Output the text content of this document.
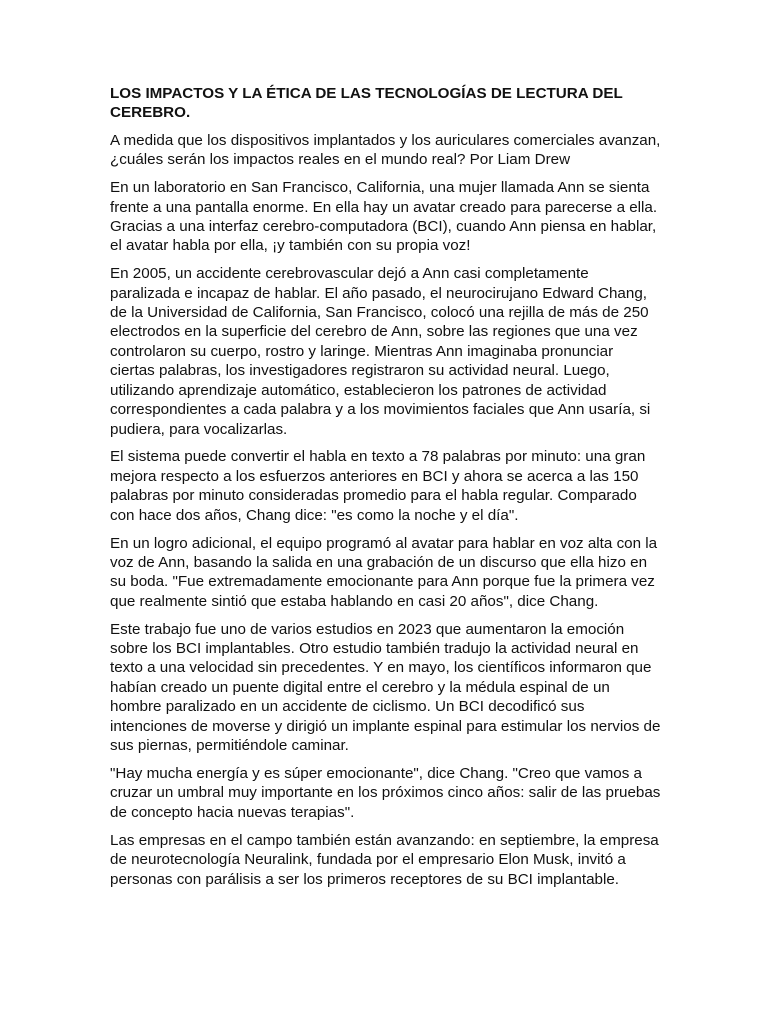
LOS IMPACTOS Y LA ÉTICA DE LAS TECNOLOGÍAS DE LECTURA DEL CEREBRO.

A medida que los dispositivos implantados y los auriculares comerciales avanzan, ¿cuáles serán los impactos reales en el mundo real? Por Liam Drew

En un laboratorio en San Francisco, California, una mujer llamada Ann se sienta frente a una pantalla enorme. En ella hay un avatar creado para parecerse a ella. Gracias a una interfaz cerebro-computadora (BCI), cuando Ann piensa en hablar, el avatar habla por ella, ¡y también con su propia voz!

En 2005, un accidente cerebrovascular dejó a Ann casi completamente paralizada e incapaz de hablar. El año pasado, el neurocirujano Edward Chang, de la Universidad de California, San Francisco, colocó una rejilla de más de 250 electrodos en la superficie del cerebro de Ann, sobre las regiones que una vez controlaron su cuerpo, rostro y laringe. Mientras Ann imaginaba pronunciar ciertas palabras, los investigadores registraron su actividad neural. Luego, utilizando aprendizaje automático, establecieron los patrones de actividad correspondientes a cada palabra y a los movimientos faciales que Ann usaría, si pudiera, para vocalizarlas.

El sistema puede convertir el habla en texto a 78 palabras por minuto: una gran mejora respecto a los esfuerzos anteriores en BCI y ahora se acerca a las 150 palabras por minuto consideradas promedio para el habla regular. Comparado con hace dos años, Chang dice: "es como la noche y el día".

En un logro adicional, el equipo programó al avatar para hablar en voz alta con la voz de Ann, basando la salida en una grabación de un discurso que ella hizo en su boda. "Fue extremadamente emocionante para Ann porque fue la primera vez que realmente sintió que estaba hablando en casi 20 años", dice Chang.

Este trabajo fue uno de varios estudios en 2023 que aumentaron la emoción sobre los BCI implantables. Otro estudio también tradujo la actividad neural en texto a una velocidad sin precedentes. Y en mayo, los científicos informaron que habían creado un puente digital entre el cerebro y la médula espinal de un hombre paralizado en un accidente de ciclismo. Un BCI decodificó sus intenciones de moverse y dirigió un implante espinal para estimular los nervios de sus piernas, permitiéndole caminar.

"Hay mucha energía y es súper emocionante", dice Chang. "Creo que vamos a cruzar un umbral muy importante en los próximos cinco años: salir de las pruebas de concepto hacia nuevas terapias".

Las empresas en el campo también están avanzando: en septiembre, la empresa de neurotecnología Neuralink, fundada por el empresario Elon Musk, invitó a personas con parálisis a ser los primeros receptores de su BCI implantable.
